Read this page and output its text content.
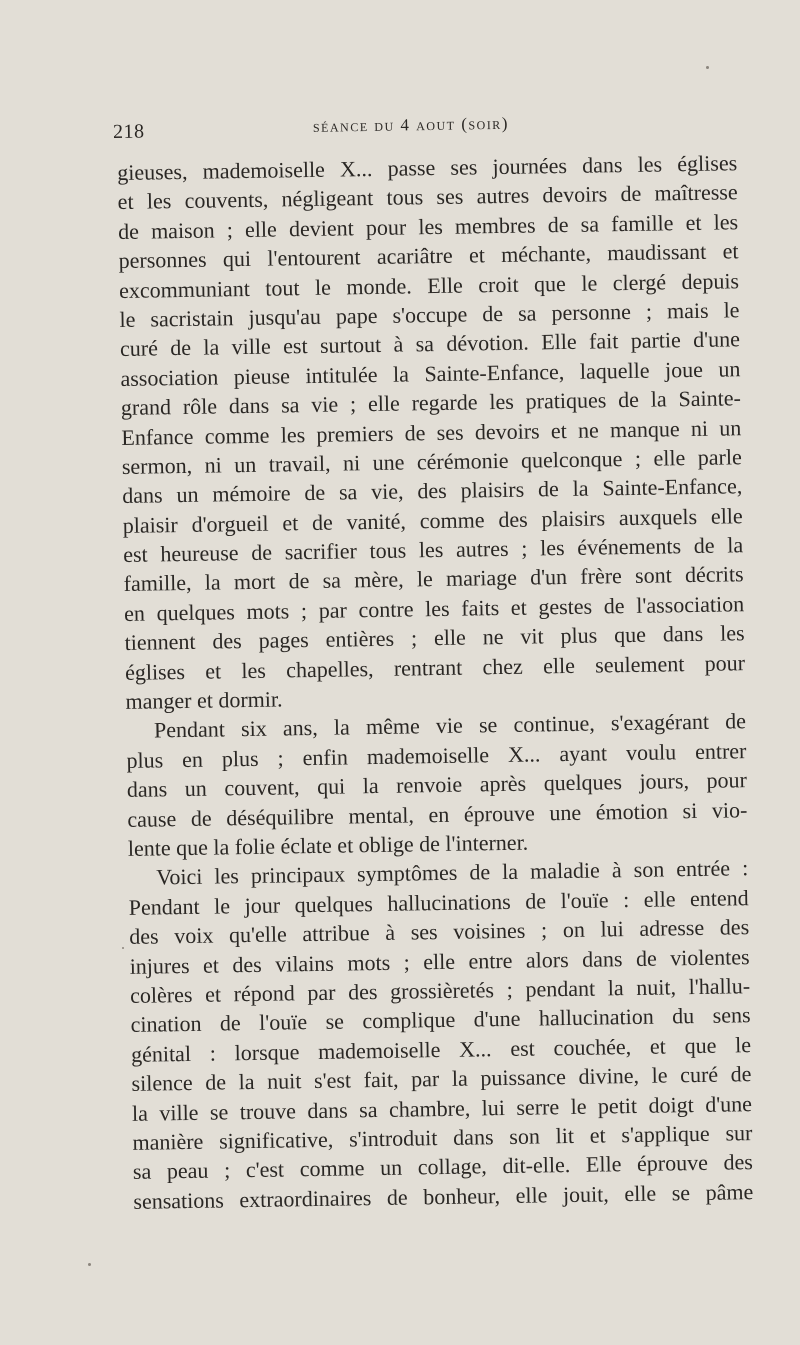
218	séance du 4 aout (soir)
gieuses, mademoiselle X... passe ses journées dans les églises
et les couvents, négligeant tous ses autres devoirs de maîtresse
de maison ; elle devient pour les membres de sa famille et les
personnes qui l'entourent acariâtre et méchante, maudissant et
excommuniant tout le monde. Elle croit que le clergé depuis
le sacristain jusqu'au pape s'occupe de sa personne ; mais le
curé de la ville est surtout à sa dévotion. Elle fait partie d'une
association pieuse intitulée la Sainte-Enfance, laquelle joue un
grand rôle dans sa vie ; elle regarde les pratiques de la Sainte-
Enfance comme les premiers de ses devoirs et ne manque ni un
sermon, ni un travail, ni une cérémonie quelconque ; elle parle
dans un mémoire de sa vie, des plaisirs de la Sainte-Enfance,
plaisir d'orgueil et de vanité, comme des plaisirs auxquels elle
est heureuse de sacrifier tous les autres ; les événements de la
famille, la mort de sa mère, le mariage d'un frère sont décrits
en quelques mots ; par contre les faits et gestes de l'association
tiennent des pages entières ; elle ne vit plus que dans les
églises et les chapelles, rentrant chez elle seulement pour
manger et dormir.
Pendant six ans, la même vie se continue, s'exagérant de
plus en plus ; enfin mademoiselle X... ayant voulu entrer
dans un couvent, qui la renvoie après quelques jours, pour
cause de déséquilibre mental, en éprouve une émotion si vio-
lente que la folie éclate et oblige de l'interner.
Voici les principaux symptômes de la maladie à son entrée :
Pendant le jour quelques hallucinations de l'ouïe : elle entend
des voix qu'elle attribue à ses voisines ; on lui adresse des
injures et des vilains mots ; elle entre alors dans de violentes
colères et répond par des grossièretés ; pendant la nuit, l'hallu-
cination de l'ouïe se complique d'une hallucination du sens
génital : lorsque mademoiselle X... est couchée, et que le
silence de la nuit s'est fait, par la puissance divine, le curé de
la ville se trouve dans sa chambre, lui serre le petit doigt d'une
manière significative, s'introduit dans son lit et s'applique sur
sa peau ; c'est comme un collage, dit-elle. Elle éprouve des
sensations extraordinaires de bonheur, elle jouit, elle se pâme
